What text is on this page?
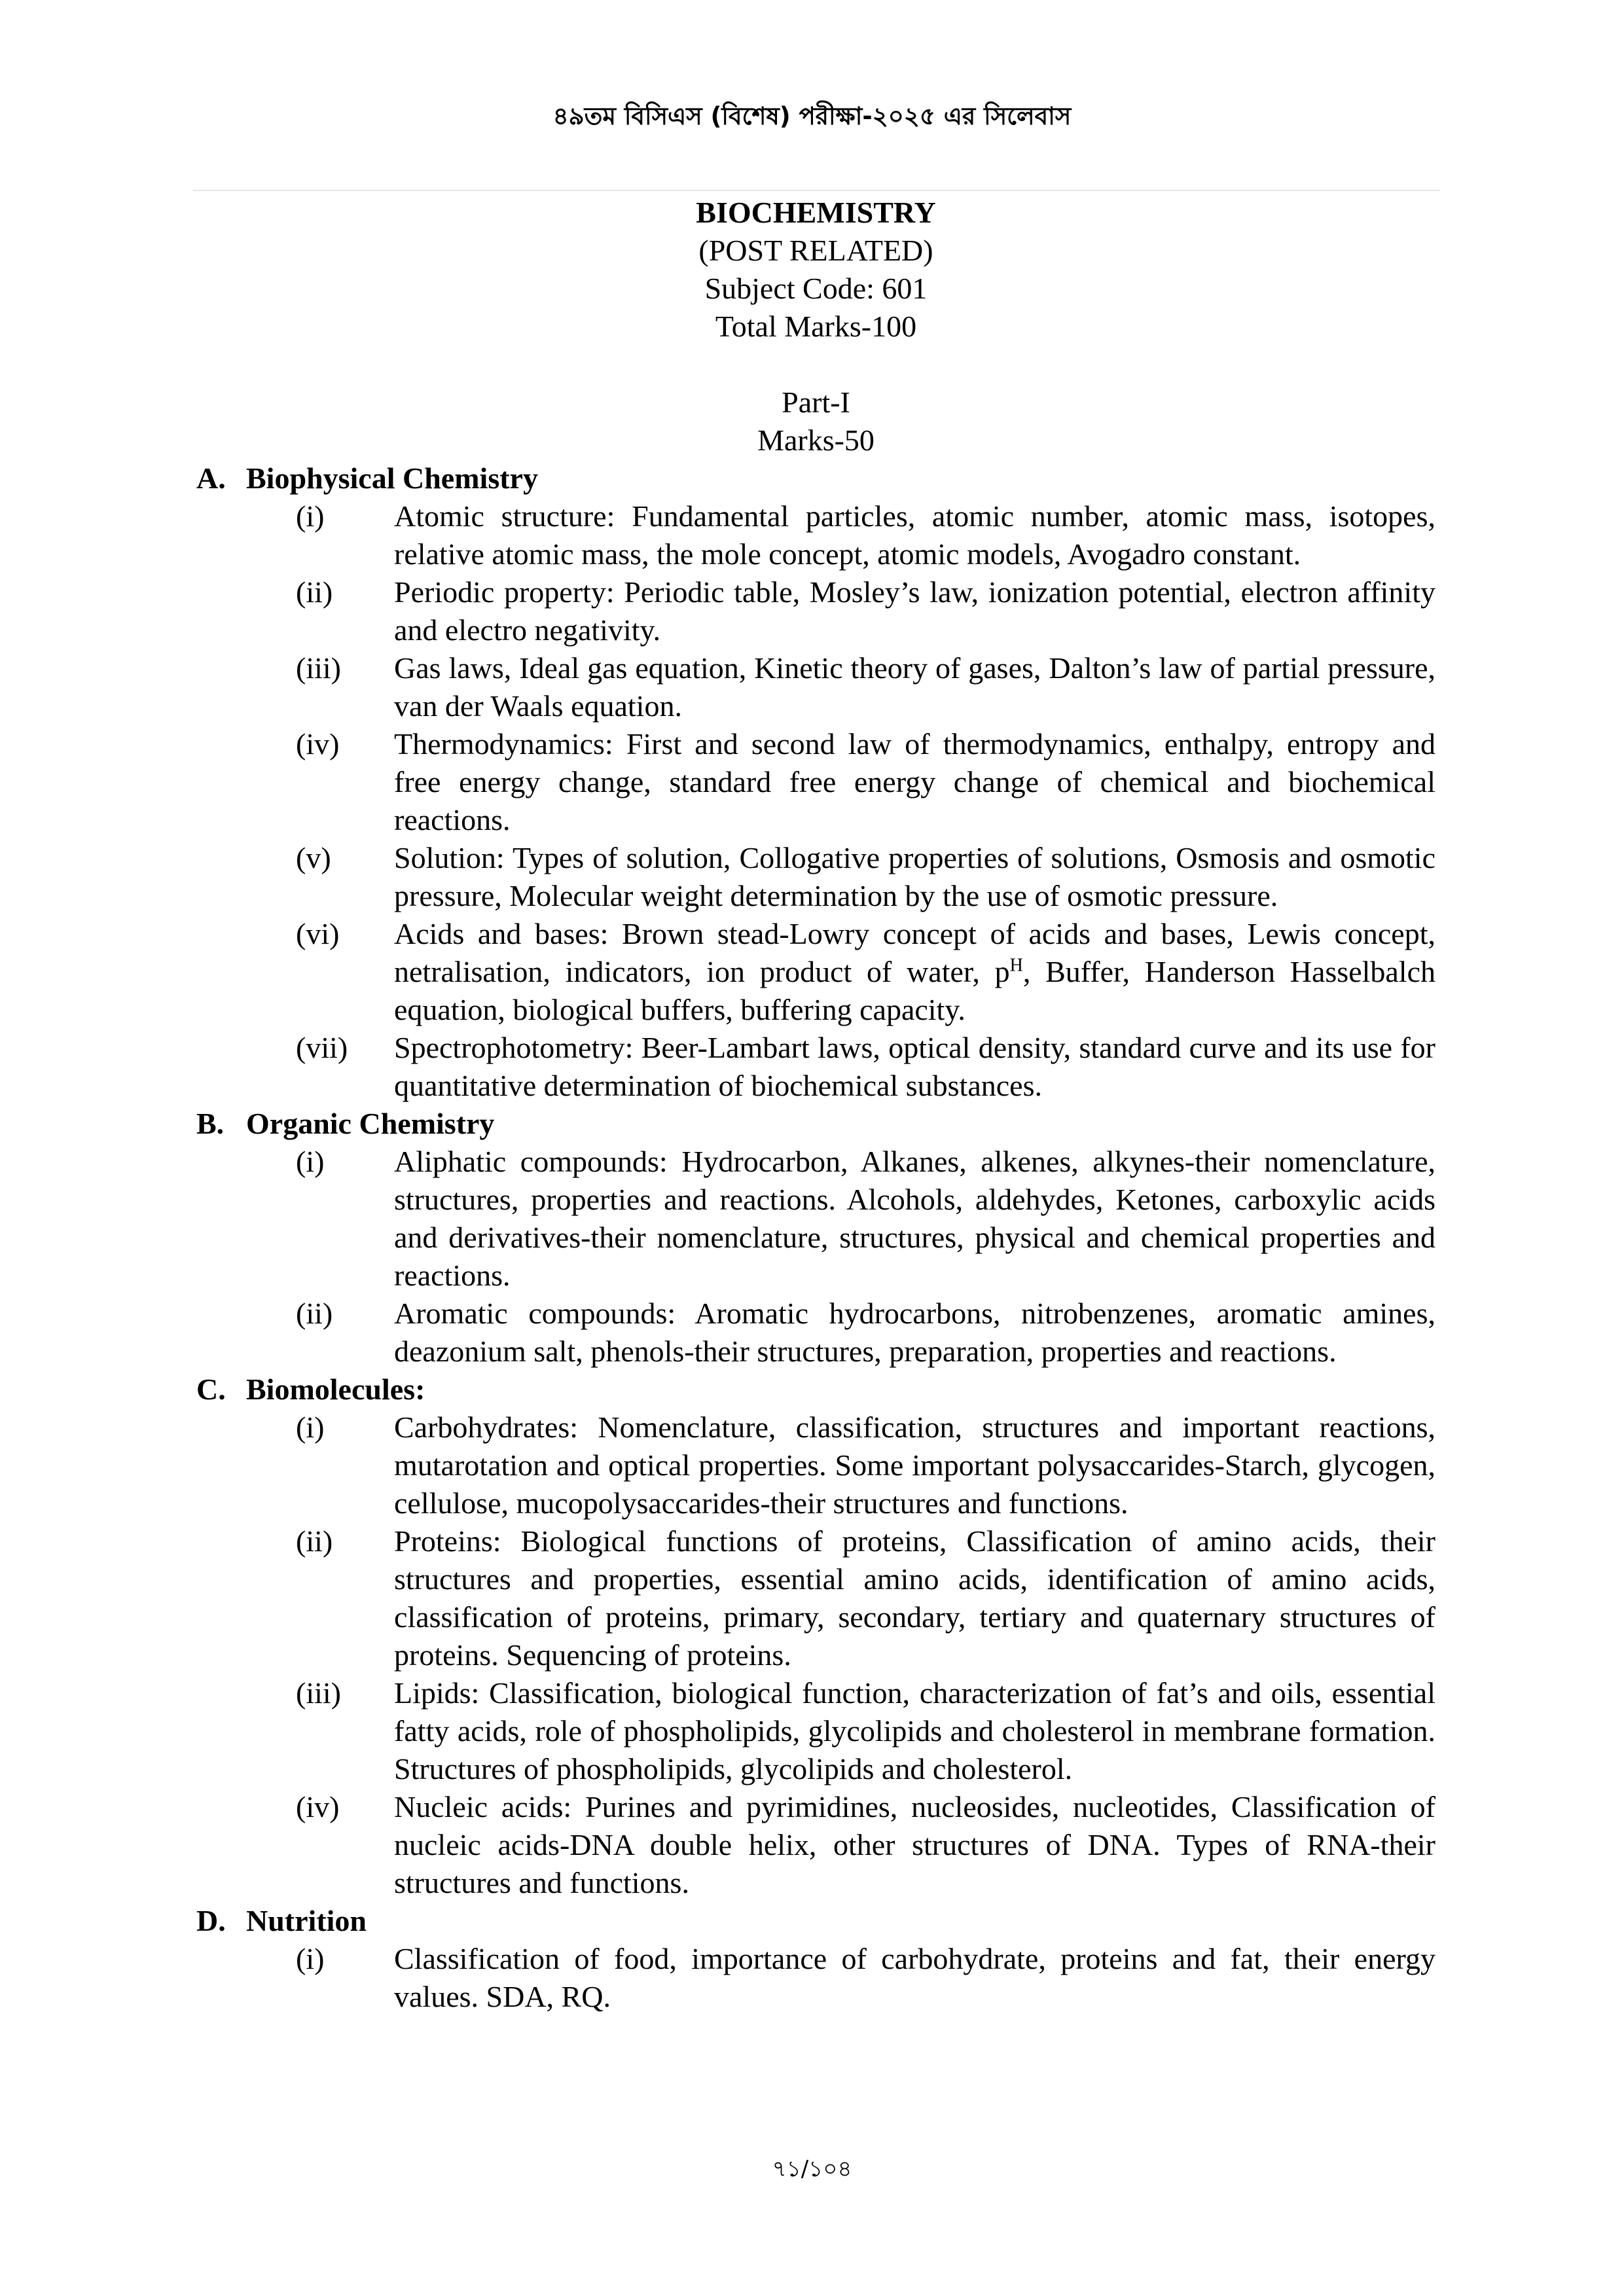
৪৯তম বিসিএস (বিশেষ) পরীক্ষা-২০২৫ এর সিলেবাস
BIOCHEMISTRY
(POST RELATED)
Subject Code: 601
Total Marks-100
Part-I
Marks-50
A. Biophysical Chemistry
(i)	Atomic structure: Fundamental particles, atomic number, atomic mass, isotopes, relative atomic mass, the mole concept, atomic models, Avogadro constant.
(ii)	Periodic property: Periodic table, Mosley’s law, ionization potential, electron affinity and electro negativity.
(iii)	Gas laws, Ideal gas equation, Kinetic theory of gases, Dalton’s law of partial pressure, van der Waals equation.
(iv)	Thermodynamics: First and second law of thermodynamics, enthalpy, entropy and free energy change, standard free energy change of chemical and biochemical reactions.
(v)	Solution: Types of solution, Collogative properties of solutions, Osmosis and osmotic pressure, Molecular weight determination by the use of osmotic pressure.
(vi)	Acids and bases: Brown stead-Lowry concept of acids and bases, Lewis concept, netralisation, indicators, ion product of water, $p^H$, Buffer, Handerson Hasselbalch equation, biological buffers, buffering capacity.
(vii)	Spectrophotometry: Beer-Lambart laws, optical density, standard curve and its use for quantitative determination of biochemical substances.
B. Organic Chemistry
(i)	Aliphatic compounds: Hydrocarbon, Alkanes, alkenes, alkynes-their nomenclature, structures, properties and reactions. Alcohols, aldehydes, Ketones, carboxylic acids and derivatives-their nomenclature, structures, physical and chemical properties and reactions.
(ii)	Aromatic compounds: Aromatic hydrocarbons, nitrobenzenes, aromatic amines, deazonium salt, phenols-their structures, preparation, properties and reactions.
C. Biomolecules:
(i)	Carbohydrates: Nomenclature, classification, structures and important reactions, mutarotation and optical properties. Some important polysaccarides-Starch, glycogen, cellulose, mucopolysaccarides-their structures and functions.
(ii)	Proteins: Biological functions of proteins, Classification of amino acids, their structures and properties, essential amino acids, identification of amino acids, classification of proteins, primary, secondary, tertiary and quaternary structures of proteins. Sequencing of proteins.
(iii)	Lipids: Classification, biological function, characterization of fat’s and oils, essential fatty acids, role of phospholipids, glycolipids and cholesterol in membrane formation. Structures of phospholipids, glycolipids and cholesterol.
(iv)	Nucleic acids: Purines and pyrimidines, nucleosides, nucleotides, Classification of nucleic acids-DNA double helix, other structures of DNA. Types of RNA-their structures and functions.
D. Nutrition
(i)	Classification of food, importance of carbohydrate, proteins and fat, their energy values. SDA, RQ.
৭১/১০৪
